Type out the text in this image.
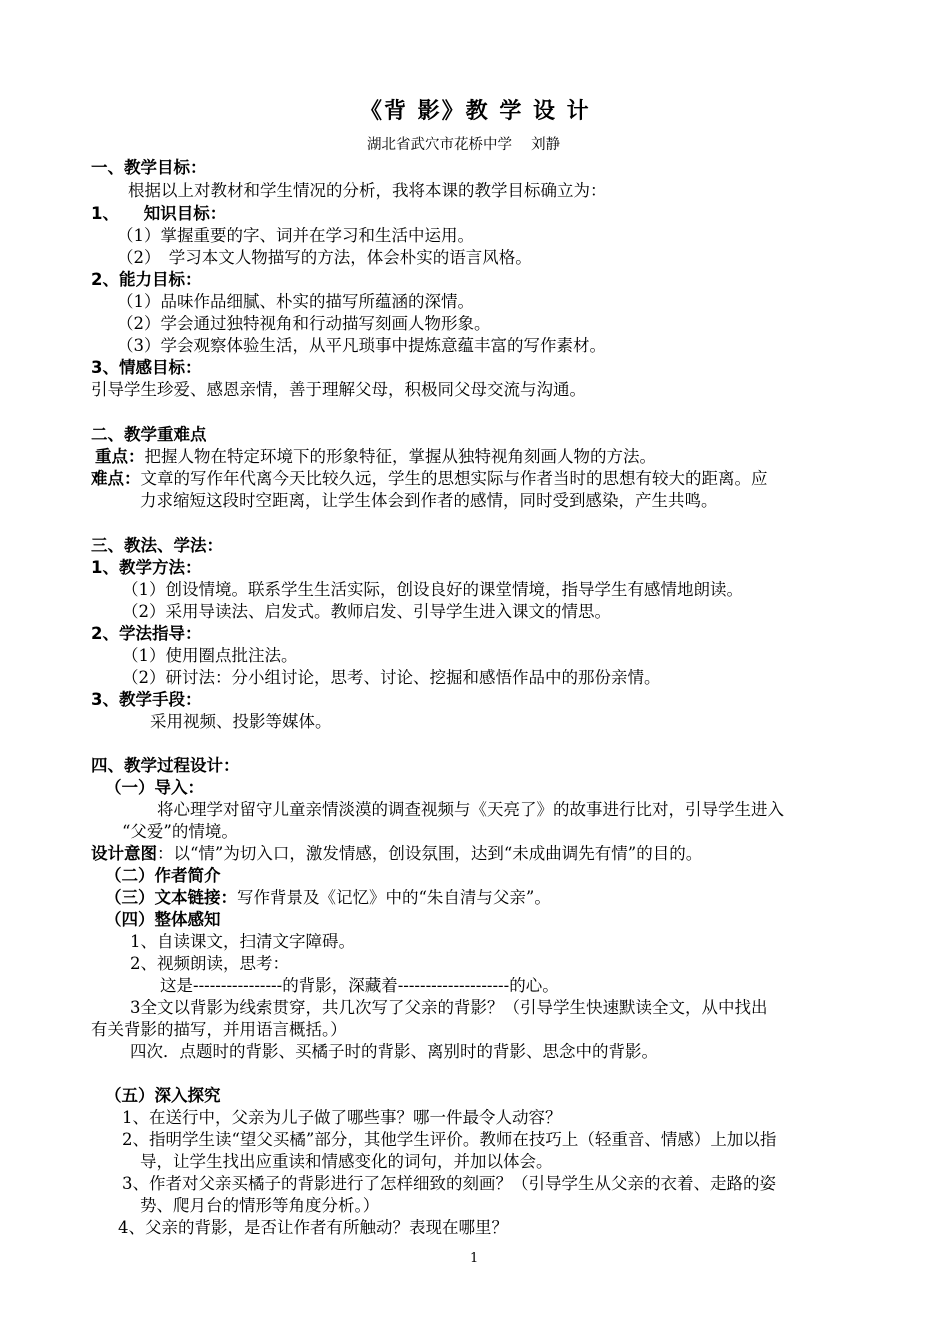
《背 影》教 学 设 计
湖北省武穴市花桥中学　 刘静
一、教学目标：
根据以上对教材和学生情况的分析，我将本课的教学目标确立为：
1、　　知识目标：
（1）掌握重要的字、词并在学习和生活中运用。
（2）　学习本文人物描写的方法，体会朴实的语言风格。
2、能力目标：
（1）品味作品细腻、朴实的描写所蕴涵的深情。
（2）学会通过独特视角和行动描写刻画人物形象。
（3）学会观察体验生活，从平凡琐事中提炼意蕴丰富的写作素材。
3、情感目标：
引导学生珍爱、感恩亲情，善于理解父母，积极同父母交流与沟通。
二、教学重难点
重点：把握人物在特定环境下的形象特征，掌握从独特视角刻画人物的方法。
难点：文章的写作年代离今天比较久远，学生的思想实际与作者当时的思想有较大的距离。应
力求缩短这段时空距离，让学生体会到作者的感情，同时受到感染，产生共鸣。
三、教法、学法：
1、教学方法：
（1）创设情境。联系学生生活实际，创设良好的课堂情境，指导学生有感情地朗读。
（2）采用导读法、启发式。教师启发、引导学生进入课文的情思。
2、学法指导：
（1）使用圈点批注法。
（2）研讨法：分小组讨论，思考、讨论、挖掘和感悟作品中的那份亲情。
3、教学手段：
采用视频、投影等媒体。
四、教学过程设计：
（一）导入：
将心理学对留守儿童亲情淡漠的调查视频与《天亮了》的故事进行比对，引导学生进入
“父爱”的情境。
设计意图：以“情”为切入口，激发情感，创设氛围，达到“未成曲调先有情”的目的。
（二）作者简介
（三）文本链接：写作背景及《记忆》中的“朱自清与父亲”。
（四）整体感知
1、自读课文，扫清文字障碍。
2、视频朗读，思考：
这是----------------的背影，深藏着--------------------的心。
3全文以背影为线索贯穿，共几次写了父亲的背影？（引导学生快速默读全文，从中找出
有关背影的描写，并用语言概括。）
四次．点题时的背影、买橘子时的背影、离别时的背影、思念中的背影。
（五）深入探究
1、在送行中，父亲为儿子做了哪些事？哪一件最令人动容？
2、指明学生读“望父买橘”部分，其他学生评价。教师在技巧上（轻重音、情感）上加以指
导，让学生找出应重读和情感变化的词句，并加以体会。
3、作者对父亲买橘子的背影进行了怎样细致的刻画？（引导学生从父亲的衣着、走路的姿
势、爬月台的情形等角度分析。）
4、父亲的背影，是否让作者有所触动？表现在哪里？
1
